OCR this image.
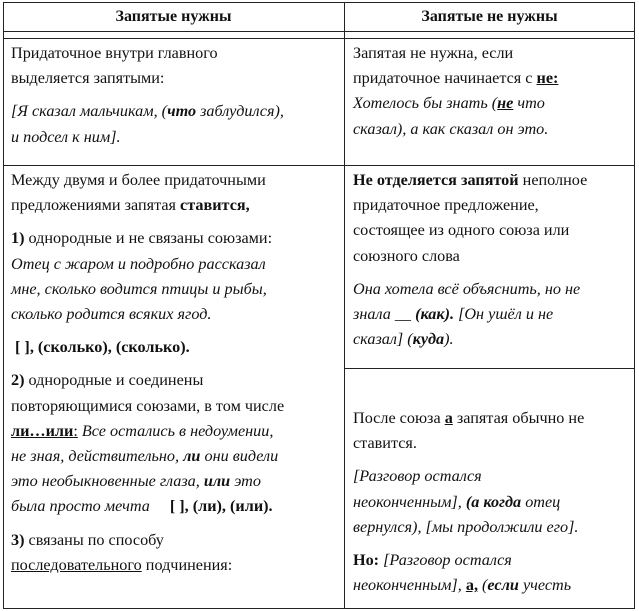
Запятые нужны	Запятые не нужны

Придаточное внутри главного
выделяется запятыми:

[Я сказал мальчикам, (что заблудился),
и подсел к ним].

Между двумя и более придаточными
предложениями запятая ставится,

1) однородные и не связаны союзами:
Отец с жаром и подробно рассказал
мне, сколько водится птицы и рыбы,
сколько родится всяких ягод.

[ ], (сколько), (сколько).

2) однородные и соединены
повторяющимися союзами, в том числе
ли…или: Все остались в недоумении,
не зная, действительно, ли они видели
это необыкновенные глаза, или это
была просто мечта [ ], (ли), (или).

3) связаны по способу
последовательного подчинения:

Запятая не нужна, если
придаточное начинается с не:

Хотелось бы знать (не что
сказал), а как сказал он это.

Не отделяется запятой неполное
придаточное предложение,
состоящее из одного союза или
союзного слова

Она хотела всё объяснить, но не
знала __ (как). [Он ушёл и не
сказал] (куда).

После союза а запятая обычно не
ставится.

[Разговор остался
неоконченным], (а когда отец
вернулся), [мы продолжили его].

Но: [Разговор остался
неоконченным], а, (если учесть
